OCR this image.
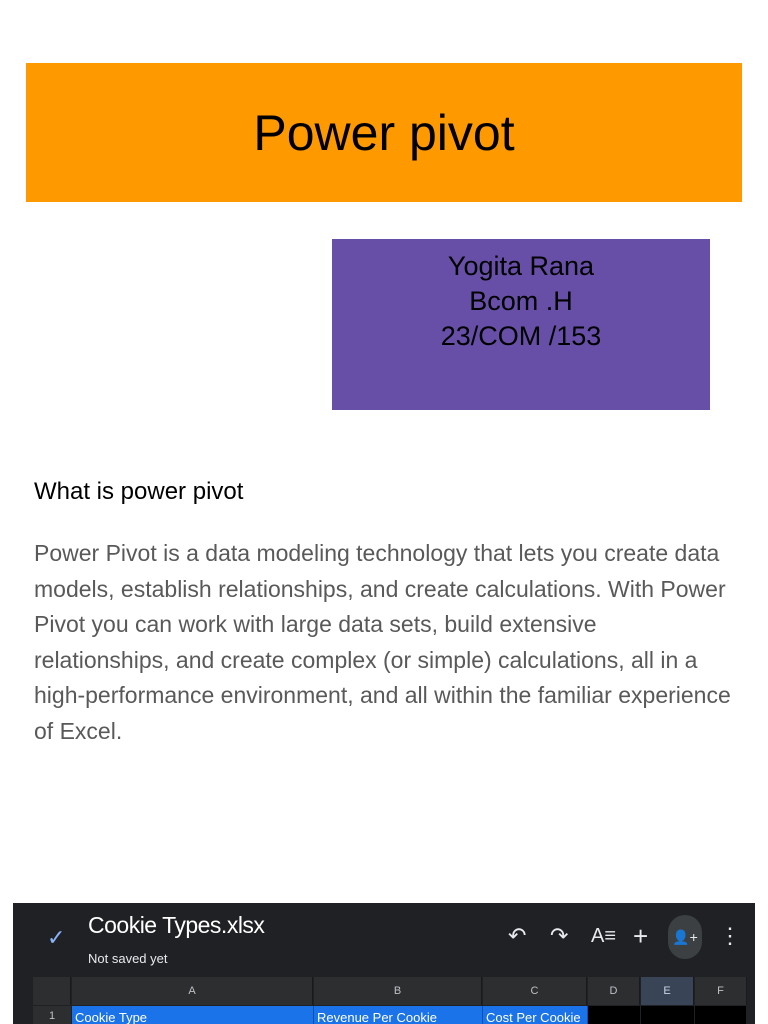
Power pivot
Yogita Rana
Bcom .H
23/COM /153
What is power pivot
Power Pivot is a data modeling technology that lets you create data models, establish relationships, and create calculations. With Power Pivot you can work with large data sets, build extensive relationships, and create complex (or simple) calculations, all in a high-performance environment, and all within the familiar experience of Excel.
✓ Cookie Types.xlsx
Not saved yet
↶ ↷ A≡ + 👤+ ⋮
A	B	C	D	E	F
1	Cookie Type	Revenue Per Cookie	Cost Per Cookie
